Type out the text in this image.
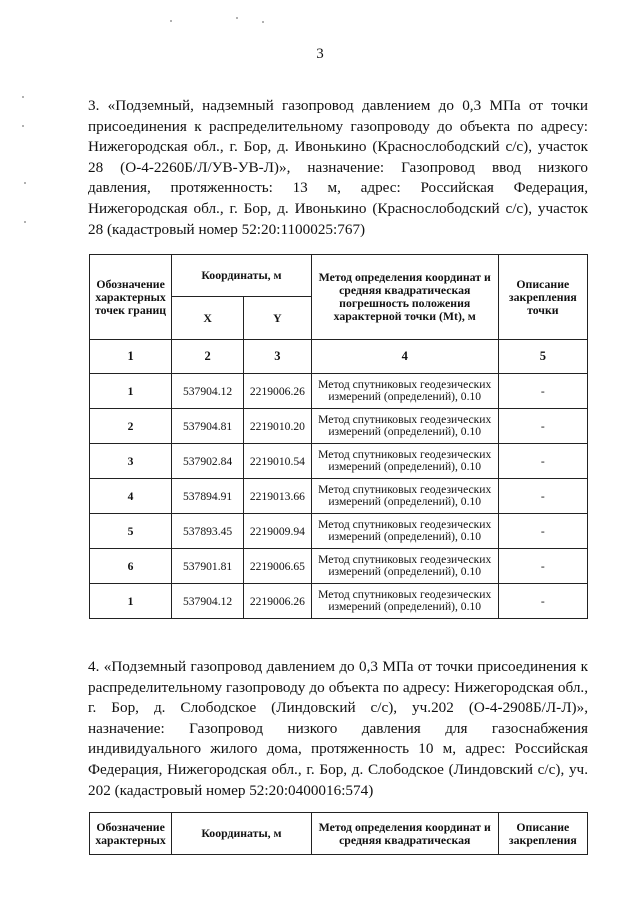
3

3. «Подземный, надземный газопровод давлением до 0,3 МПа от точки присоединения к распределительному газопроводу до объекта по адресу: Нижегородская обл., г. Бор, д. Ивонькино (Краснослободский с/с), участок 28 (О-4-2260Б/Л/УВ-УВ-Л)», назначение: Газопровод ввод низкого давления, протяженность: 13 м, адрес: Российская Федерация, Нижегородская обл., г. Бор, д. Ивонькино (Краснослободский с/с), участок 28 (кадастровый номер 52:20:1100025:767)

Обозначение характерных точек границ	Координаты, м		Метод определения координат и средняя квадратическая погрешность положения характерной точки (Mt), м	Описание закрепления точки
	X	Y		
1	2	3	4	5
1	537904.12	2219006.26	Метод спутниковых геодезических измерений (определений), 0.10	-
2	537904.81	2219010.20	Метод спутниковых геодезических измерений (определений), 0.10	-
3	537902.84	2219010.54	Метод спутниковых геодезических измерений (определений), 0.10	-
4	537894.91	2219013.66	Метод спутниковых геодезических измерений (определений), 0.10	-
5	537893.45	2219009.94	Метод спутниковых геодезических измерений (определений), 0.10	-
6	537901.81	2219006.65	Метод спутниковых геодезических измерений (определений), 0.10	-
1	537904.12	2219006.26	Метод спутниковых геодезических измерений (определений), 0.10	-

4. «Подземный газопровод давлением до 0,3 МПа от точки присоединения к распределительному газопроводу до объекта по адресу: Нижегородская обл., г. Бор, д. Слободское (Линдовский с/с), уч.202 (О-4-2908Б/Л-Л)», назначение: Газопровод низкого давления для газоснабжения индивидуального жилого дома, протяженность 10 м, адрес: Российская Федерация, Нижегородская обл., г. Бор, д. Слободское (Линдовский с/с), уч. 202 (кадастровый номер 52:20:0400016:574)

Обозначение характерных	Координаты, м	Метод определения координат и средняя квадратическая	Описание закрепления
